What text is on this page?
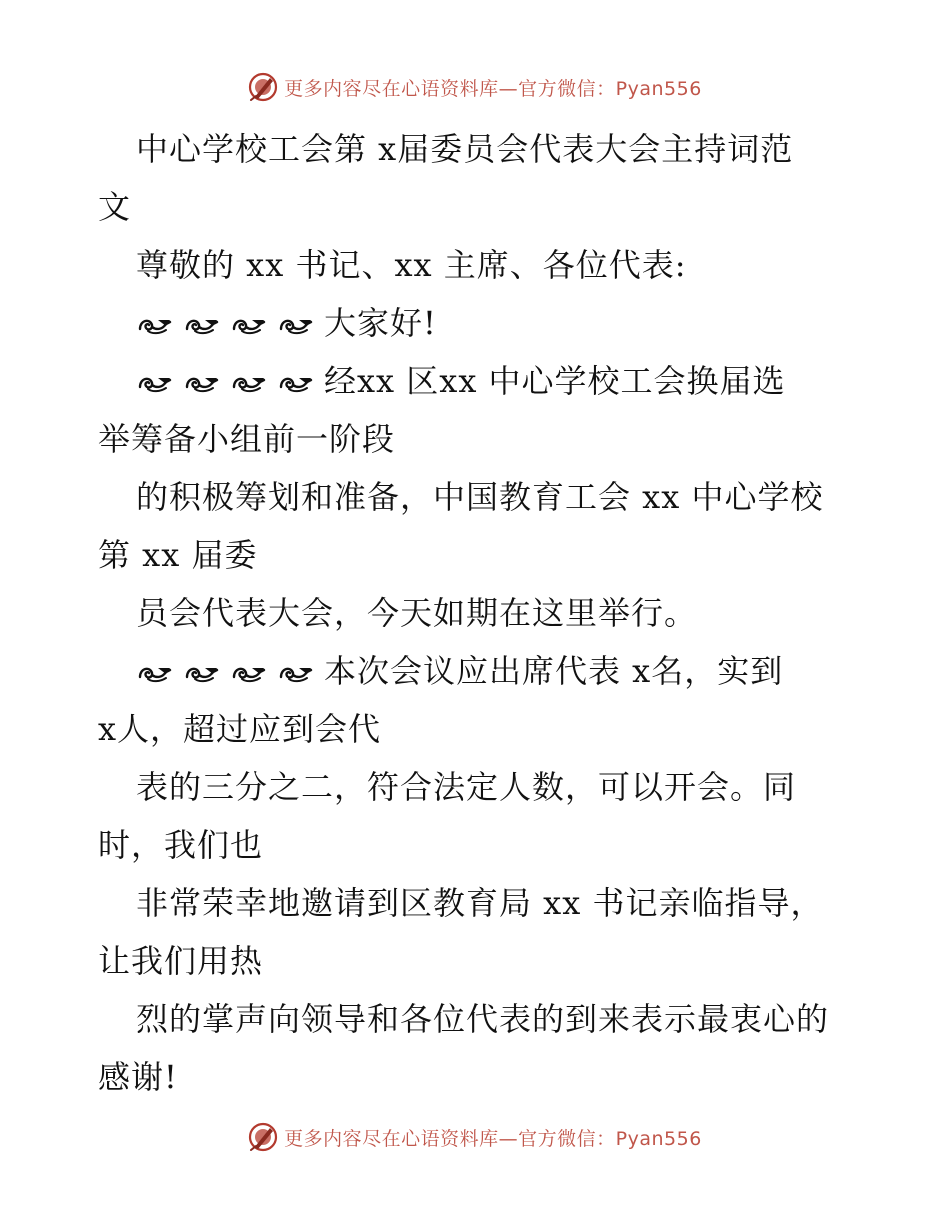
更多内容尽在心语资料库—官方微信：Pyan556
中心学校工会第 x届委员会代表大会主持词范
文
尊敬的 xx 书记、xx 主席、各位代表:
大家好!
经xx 区xx 中心学校工会换届选
举筹备小组前一阶段
的积极筹划和准备，中国教育工会 xx 中心学校
第 xx 届委
员会代表大会，今天如期在这里举行。
本次会议应出席代表 x名，实到
x人，超过应到会代
表的三分之二，符合法定人数，可以开会。同
时，我们也
非常荣幸地邀请到区教育局 xx 书记亲临指导，
让我们用热
烈的掌声向领导和各位代表的到来表示最衷心的
感谢!
更多内容尽在心语资料库—官方微信：Pyan556
